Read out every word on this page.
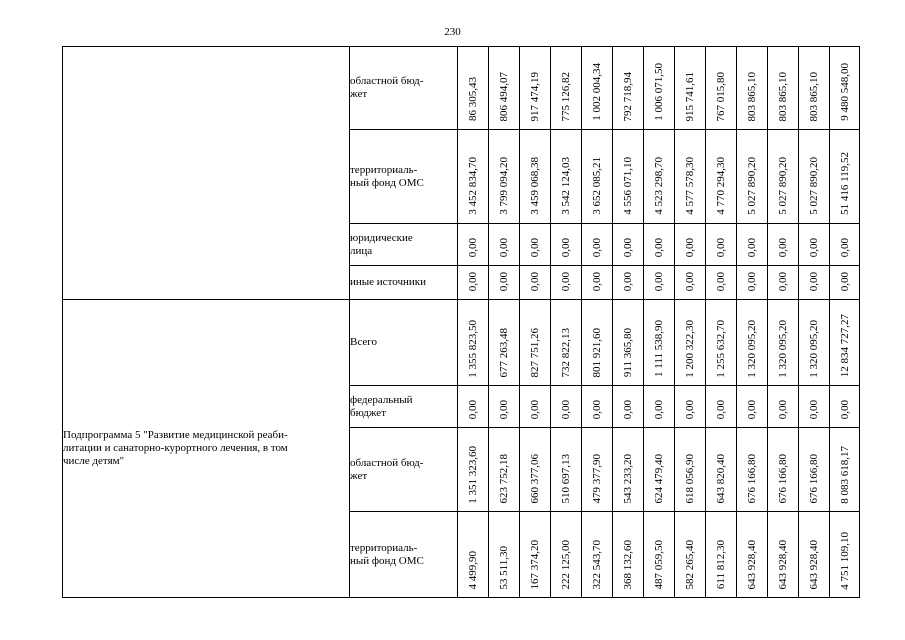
230
	областной бюд-
жет	86 305,43	806 494,07	917 474,19	775 126,82	1 002 004,34	792 718,94	1 006 071,50	915 741,61	767 015,80	803 865,10	803 865,10	803 865,10	9 480 548,00
	территориаль-
ный фонд ОМС	3 452 834,70	3 799 094,20	3 459 068,38	3 542 124,03	3 652 085,21	4 556 071,10	4 523 298,70	4 577 578,30	4 770 294,30	5 027 890,20	5 027 890,20	5 027 890,20	51 416 119,52
	юридические
лица	0,00	0,00	0,00	0,00	0,00	0,00	0,00	0,00	0,00	0,00	0,00	0,00	0,00
	иные источники	0,00	0,00	0,00	0,00	0,00	0,00	0,00	0,00	0,00	0,00	0,00	0,00	0,00
Подпрограмма 5 "Развитие медицинской реаби-
литации и санаторно-курортного лечения, в том
числе детям"	Всего	1 355 823,50	677 263,48	827 751,26	732 822,13	801 921,60	911 365,80	1 111 538,90	1 200 322,30	1 255 632,70	1 320 095,20	1 320 095,20	1 320 095,20	12 834 727,27
	федеральный
бюджет	0,00	0,00	0,00	0,00	0,00	0,00	0,00	0,00	0,00	0,00	0,00	0,00	0,00
	областной бюд-
жет	1 351 323,60	623 752,18	660 377,06	510 697,13	479 377,90	543 233,20	624 479,40	618 056,90	643 820,40	676 166,80	676 166,80	676 166,80	8 083 618,17
	территориаль-
ный фонд ОМС	4 499,90	53 511,30	167 374,20	222 125,00	322 543,70	368 132,60	487 059,50	582 265,40	611 812,30	643 928,40	643 928,40	643 928,40	4 751 109,10
